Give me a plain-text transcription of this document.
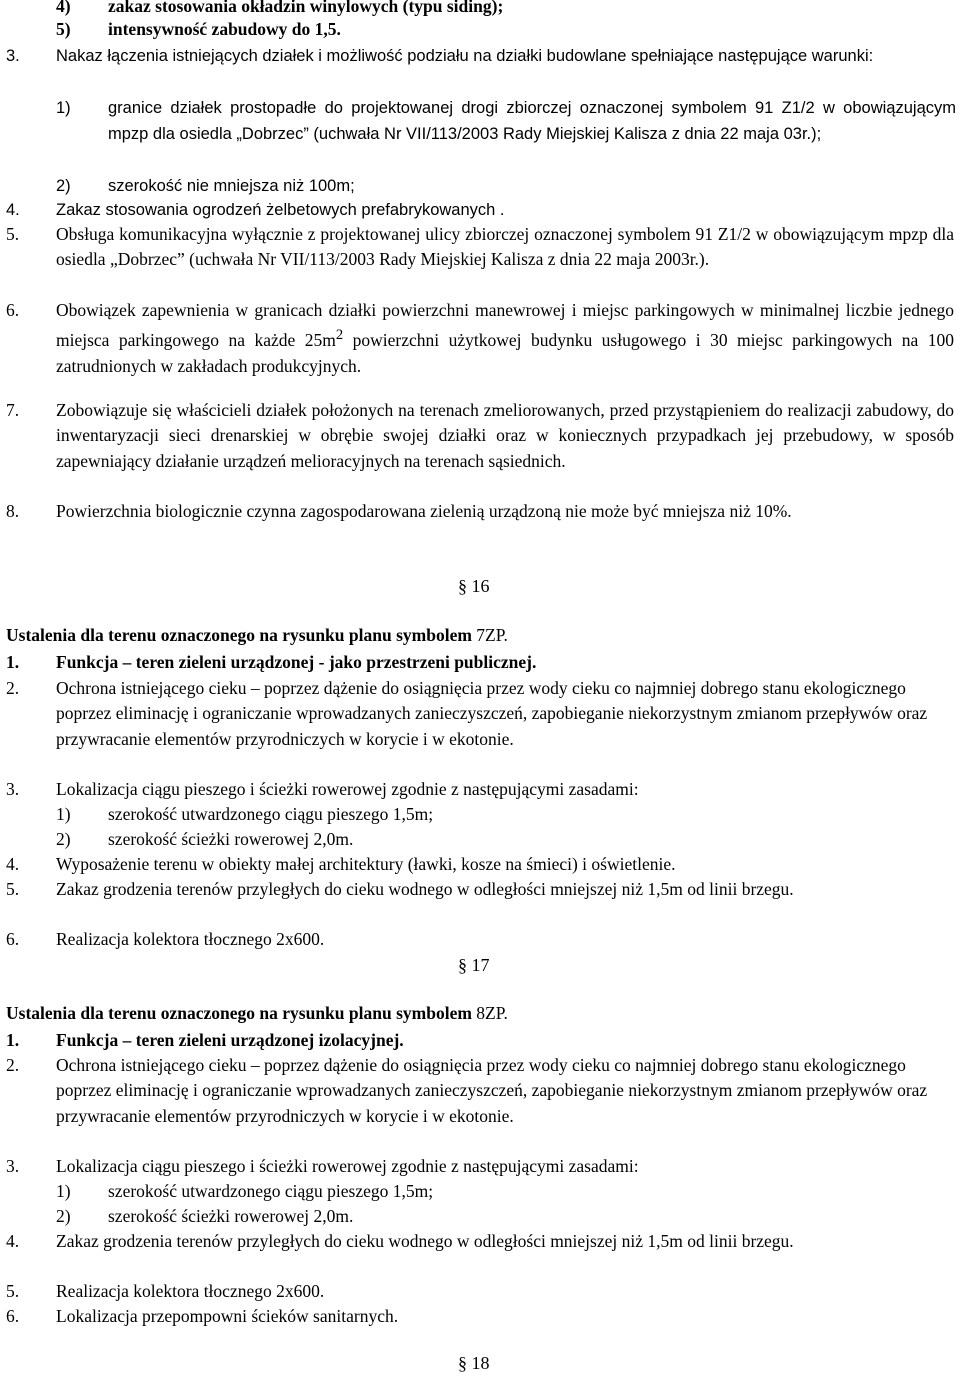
4) zakaz stosowania okładzin winylowych (typu siding);
5) intensywność zabudowy do 1,5.
3. Nakaz łączenia istniejących działek i możliwość podziału na działki budowlane spełniające następujące warunki:
1) granice działek prostopadłe do projektowanej drogi zbiorczej oznaczonej symbolem 91 Z1/2 w obowiązującym mpzp dla osiedla „Dobrzec” (uchwała Nr VII/113/2003 Rady Miejskiej Kalisza z dnia 22 maja 03r.);
2) szerokość nie mniejsza niż 100m;
4. Zakaz stosowania ogrodzeń żelbetowych prefabrykowanych .
5. Obsługa komunikacyjna wyłącznie z projektowanej ulicy zbiorczej oznaczonej symbolem 91 Z1/2 w obowiązującym mpzp dla osiedla „Dobrzec” (uchwała Nr VII/113/2003 Rady Miejskiej Kalisza z dnia 22 maja 2003r.).
6. Obowiązek zapewnienia w granicach działki powierzchni manewrowej i miejsc parkingowych w minimalnej liczbie jednego miejsca parkingowego na każde $25m^2$ powierzchni użytkowej budynku usługowego i 30 miejsc parkingowych na 100 zatrudnionych w zakładach produkcyjnych.
7. Zobowiązuje się właścicieli działek położonych na terenach zmeliorowanych, przed przystąpieniem do realizacji zabudowy, do inwentaryzacji sieci drenarskiej w obrębie swojej działki oraz w koniecznych przypadkach jej przebudowy, w sposób zapewniający działanie urządzeń melioracyjnych na terenach sąsiednich.
8. Powierzchnia biologicznie czynna zagospodarowana zielenią urządzoną nie może być mniejsza niż 10%.
§ 16
Ustalenia dla terenu oznaczonego na rysunku planu symbolem 7ZP.
1. Funkcja – teren zieleni urządzonej - jako przestrzeni publicznej.
2. Ochrona istniejącego cieku – poprzez dążenie do osiągnięcia przez wody cieku co najmniej dobrego stanu ekologicznego poprzez eliminację i ograniczanie wprowadzanych zanieczyszczeń, zapobieganie niekorzystnym zmianom przepływów oraz przywracanie elementów przyrodniczych w korycie i w ekotonie.
3. Lokalizacja ciągu pieszego i ścieżki rowerowej zgodnie z następującymi zasadami:
1) szerokość utwardzonego ciągu pieszego 1,5m;
2) szerokość ścieżki rowerowej 2,0m.
4. Wyposażenie terenu w obiekty małej architektury (ławki, kosze na śmieci) i oświetlenie.
5. Zakaz grodzenia terenów przyległych do cieku wodnego w odległości mniejszej niż 1,5m od linii brzegu.
6. Realizacja kolektora tłocznego 2x600.
§ 17
Ustalenia dla terenu oznaczonego na rysunku planu symbolem 8ZP.
1. Funkcja – teren zieleni urządzonej izolacyjnej.
2. Ochrona istniejącego cieku – poprzez dążenie do osiągnięcia przez wody cieku co najmniej dobrego stanu ekologicznego poprzez eliminację i ograniczanie wprowadzanych zanieczyszczeń, zapobieganie niekorzystnym zmianom przepływów oraz przywracanie elementów przyrodniczych w korycie i w ekotonie.
3. Lokalizacja ciągu pieszego i ścieżki rowerowej zgodnie z następującymi zasadami:
1) szerokość utwardzonego ciągu pieszego 1,5m;
2) szerokość ścieżki rowerowej 2,0m.
4. Zakaz grodzenia terenów przyległych do cieku wodnego w odległości mniejszej niż 1,5m od linii brzegu.
5. Realizacja kolektora tłocznego 2x600.
6. Lokalizacja przepompowni ścieków sanitarnych.
§ 18
